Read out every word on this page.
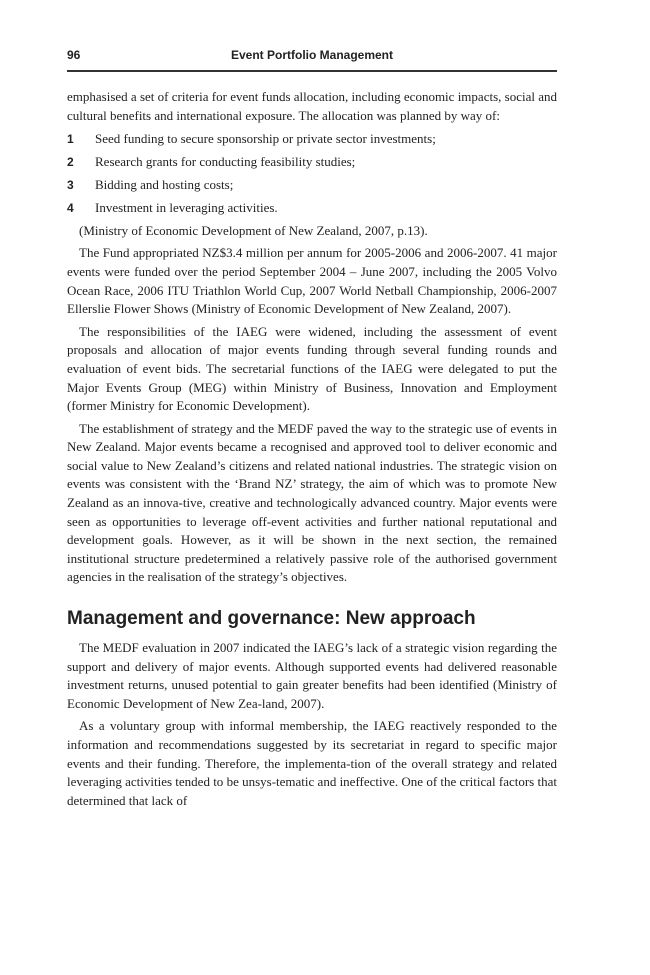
96	Event Portfolio Management

emphasised a set of criteria for event funds allocation, including economic impacts, social and cultural benefits and international exposure. The allocation was planned by way of:

1 Seed funding to secure sponsorship or private sector investments;
2 Research grants for conducting feasibility studies;
3 Bidding and hosting costs;
4 Investment in leveraging activities.
(Ministry of Economic Development of New Zealand, 2007, p.13).

The Fund appropriated NZ$3.4 million per annum for 2005-2006 and 2006-2007. 41 major events were funded over the period September 2004 – June 2007, including the 2005 Volvo Ocean Race, 2006 ITU Triathlon World Cup, 2007 World Netball Championship, 2006-2007 Ellerslie Flower Shows (Ministry of Economic Development of New Zealand, 2007).

The responsibilities of the IAEG were widened, including the assessment of event proposals and allocation of major events funding through several funding rounds and evaluation of event bids. The secretarial functions of the IAEG were delegated to put the Major Events Group (MEG) within Ministry of Business, Innovation and Employment (former Ministry for Economic Development).

The establishment of strategy and the MEDF paved the way to the strategic use of events in New Zealand. Major events became a recognised and approved tool to deliver economic and social value to New Zealand’s citizens and related national industries. The strategic vision on events was consistent with the ‘Brand NZ’ strategy, the aim of which was to promote New Zealand as an innova-tive, creative and technologically advanced country. Major events were seen as opportunities to leverage off-event activities and further national reputational and development goals. However, as it will be shown in the next section, the remained institutional structure predetermined a relatively passive role of the authorised government agencies in the realisation of the strategy’s objectives.

Management and governance: New approach

The MEDF evaluation in 2007 indicated the IAEG’s lack of a strategic vision regarding the support and delivery of major events. Although supported events had delivered reasonable investment returns, unused potential to gain greater benefits had been identified (Ministry of Economic Development of New Zea-land, 2007).

As a voluntary group with informal membership, the IAEG reactively responded to the information and recommendations suggested by its secretariat in regard to specific major events and their funding. Therefore, the implementa-tion of the overall strategy and related leveraging activities tended to be unsys-tematic and ineffective. One of the critical factors that determined that lack of
